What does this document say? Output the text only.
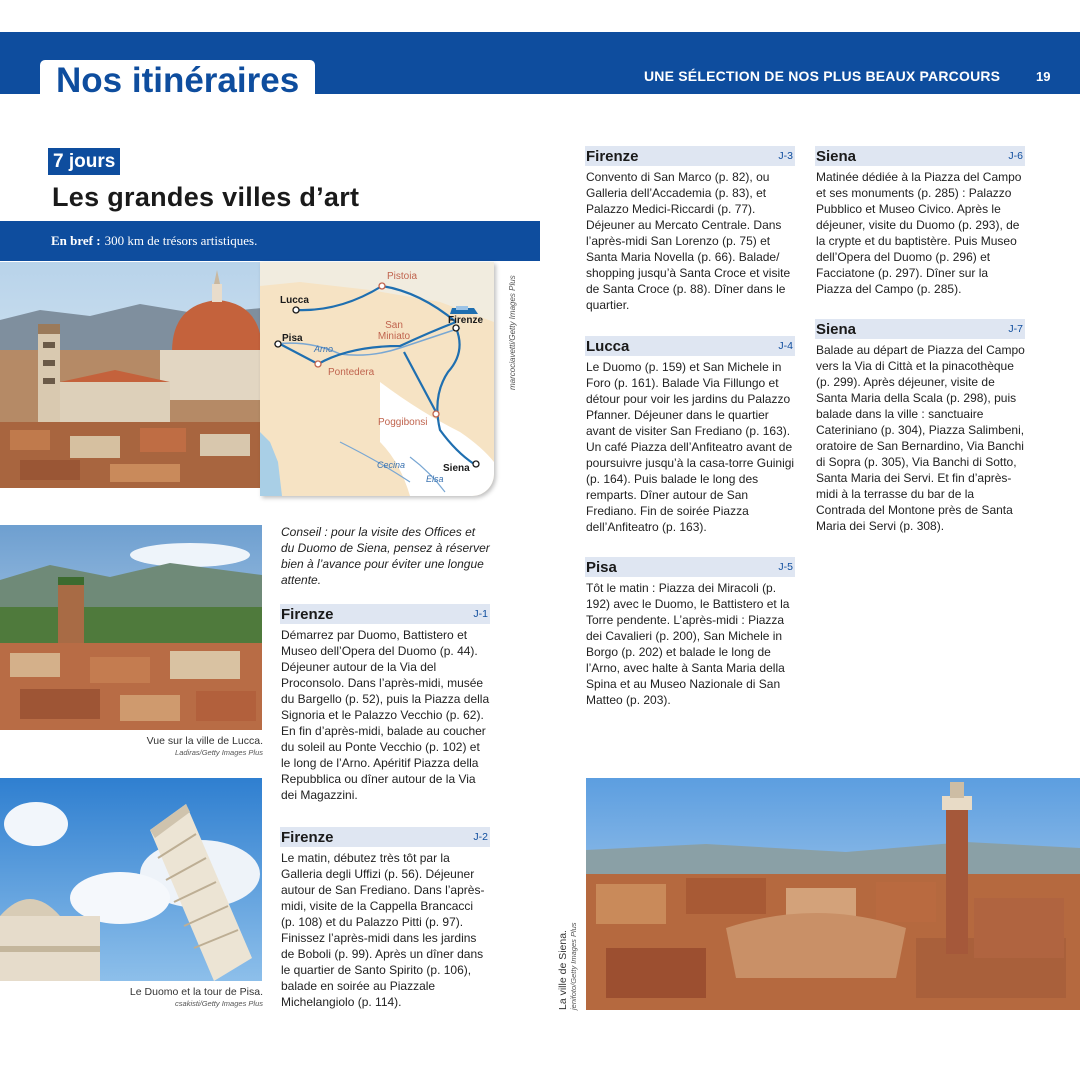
Nos itinéraires	UNE SÉLECTION DE NOS PLUS BEAUX PARCOURS	19
7 jours
Les grandes villes d’art
En bref : 300 km de trésors artistiques.
Pistoia
Lucca
Pisa
Firenze
San Miniato
Arno
Pontedera
Poggibonsi
Cecina
Elsa
Siena
marcociavetti/Getty Images Plus
Vue sur la ville de Lucca.
Ladiras/Getty Images Plus
Le Duomo et la tour de Pisa.
csakisti/Getty Images Plus	La ville de Siena. jenifoto/Getty Images Plus
Conseil : pour la visite des Offices et du Duomo de Siena, pensez à réserver bien à l’avance pour éviter une longue attente.
Firenze	J-1
Démarrez par Duomo, Battistero et Museo dell’Opera del Duomo (p. 44). Déjeuner autour de la Via del Proconsolo. Dans l’après-midi, musée du Bargello (p. 52), puis la Piazza della Signoria et le Palazzo Vecchio (p. 62). En fin d’après-midi, balade au coucher du soleil au Ponte Vecchio (p. 102) et le long de l’Arno. Apéritif Piazza della Repubblica ou dîner autour de la Via dei Magazzini.
Firenze	J-2
Le matin, débutez très tôt par la Galleria degli Uffizi (p. 56). Déjeuner autour de San Frediano. Dans l’après-midi, visite de la Cappella Brancacci (p. 108) et du Palazzo Pitti (p. 97). Finissez l’après-midi dans les jardins de Boboli (p. 99). Après un dîner dans le quartier de Santo Spirito (p. 106), balade en soirée au Piazzale Michelangiolo (p. 114).
Firenze	J-3
Convento di San Marco (p. 82), ou Galleria dell’Accademia (p. 83), et Palazzo Medici-Riccardi (p. 77). Déjeuner au Mercato Centrale. Dans l’après-midi San Lorenzo (p. 75) et Santa Maria Novella (p. 66). Balade/ shopping jusqu’à Santa Croce et visite de Santa Croce (p. 88). Dîner dans le quartier.
Lucca	J-4
Le Duomo (p. 159) et San Michele in Foro (p. 161). Balade Via Fillungo et détour pour voir les jardins du Palazzo Pfanner. Déjeuner dans le quartier avant de visiter San Frediano (p. 163). Un café Piazza dell’Anfiteatro avant de poursuivre jusqu’à la casa-torre Guinigi (p. 164). Puis balade le long des remparts. Dîner autour de San Frediano. Fin de soirée Piazza dell’Anfiteatro (p. 163).
Pisa	J-5
Tôt le matin : Piazza dei Miracoli (p. 192) avec le Duomo, le Battistero et la Torre pendente. L’après-midi : Piazza dei Cavalieri (p. 200), San Michele in Borgo (p. 202) et balade le long de l’Arno, avec halte à Santa Maria della Spina et au Museo Nazionale di San Matteo (p. 203).
Siena	J-6
Matinée dédiée à la Piazza del Campo et ses monuments (p. 285) : Palazzo Pubblico et Museo Civico. Après le déjeuner, visite du Duomo (p. 293), de la crypte et du baptistère. Puis Museo dell’Opera del Duomo (p. 296) et Facciatone (p. 297). Dîner sur la Piazza del Campo (p. 285).
Siena	J-7
Balade au départ de Piazza del Campo vers la Via di Città et la pinacothèque (p. 299). Après déjeuner, visite de Santa Maria della Scala (p. 298), puis balade dans la ville : sanctuaire Cateriniano (p. 304), Piazza Salimbeni, oratoire de San Bernardino, Via Banchi di Sopra (p. 305), Via Banchi di Sotto, Santa Maria dei Servi. Et fin d’après-midi à la terrasse du bar de la Contrada del Montone près de Santa Maria dei Servi (p. 308).
